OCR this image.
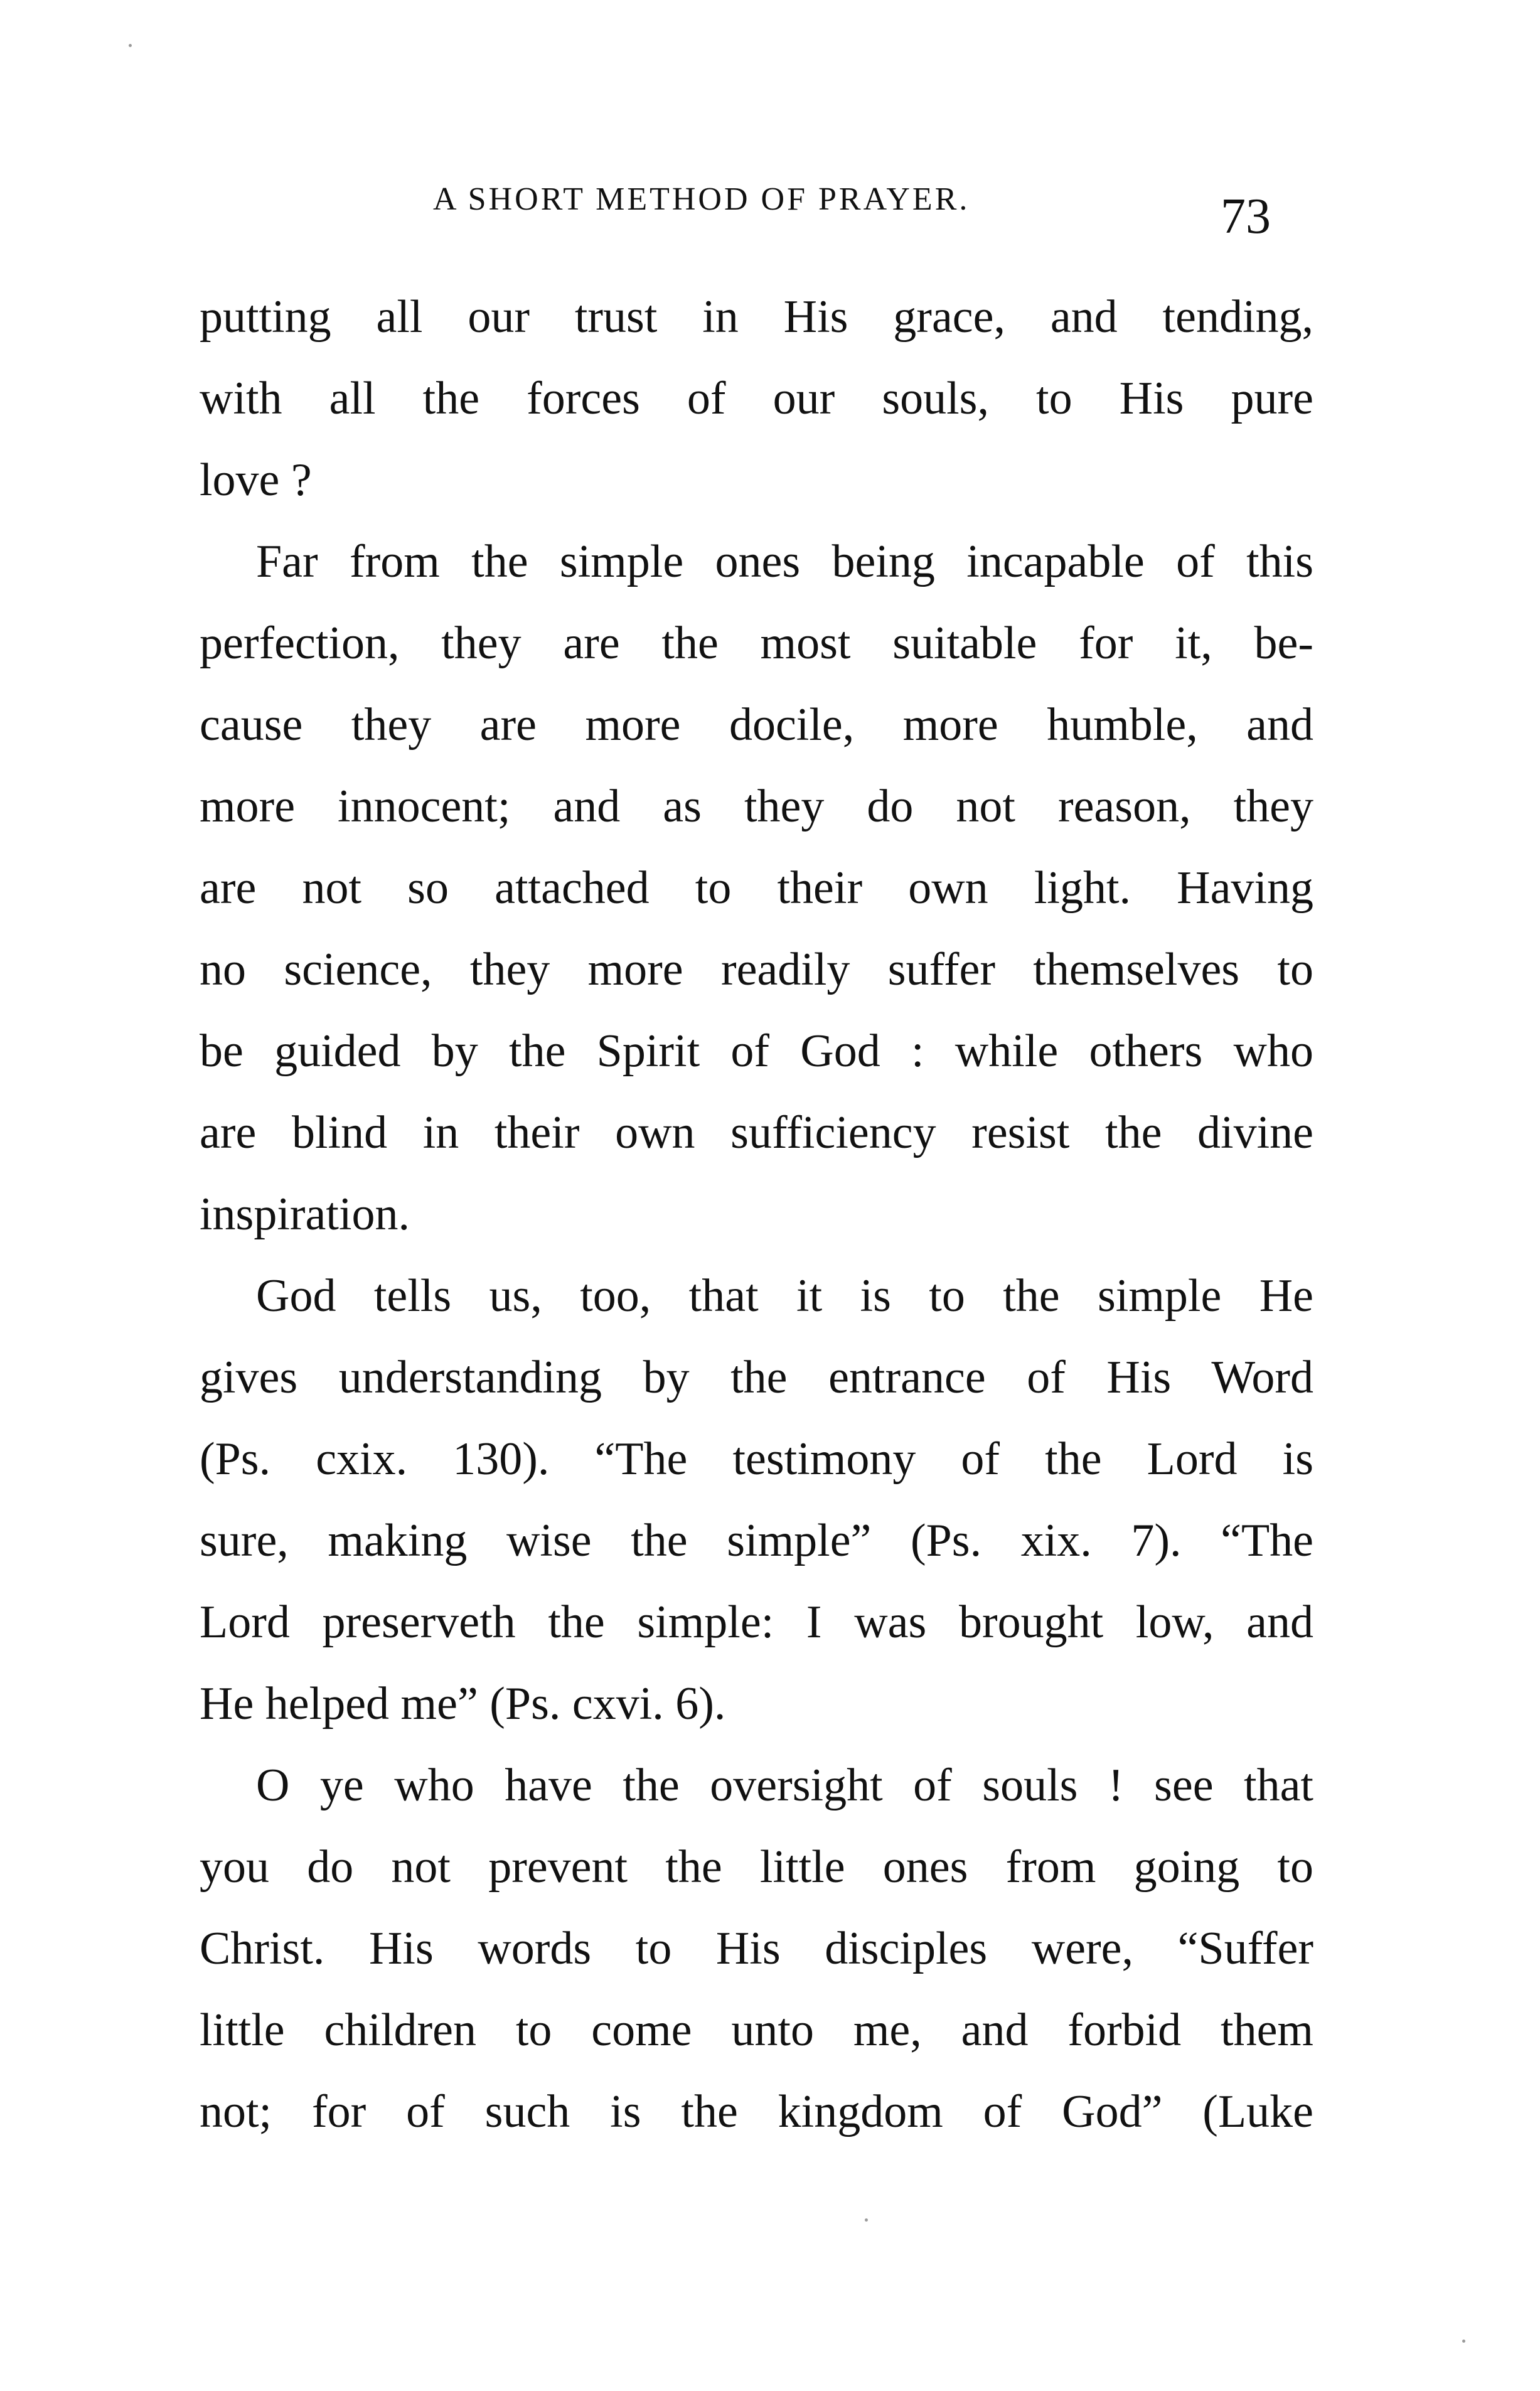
A SHORT METHOD OF PRAYER.	73
putting all our trust in His grace, and tending,
with all the forces of our souls, to His pure
love ?
Far from the simple ones being incapable of this
perfection, they are the most suitable for it, be-
cause they are more docile, more humble, and
more innocent; and as they do not reason, they
are not so attached to their own light. Having
no science, they more readily suffer themselves to
be guided by the Spirit of God : while others who
are blind in their own sufficiency resist the divine
inspiration.
God tells us, too, that it is to the simple He
gives understanding by the entrance of His Word
(Ps. cxix. 130). “The testimony of the Lord is
sure, making wise the simple” (Ps. xix. 7). “The
Lord preserveth the simple: I was brought low, and
He helped me” (Ps. cxvi. 6).
O ye who have the oversight of souls ! see that
you do not prevent the little ones from going to
Christ. His words to His disciples were, “Suffer
little children to come unto me, and forbid them
not; for of such is the kingdom of God” (Luke
